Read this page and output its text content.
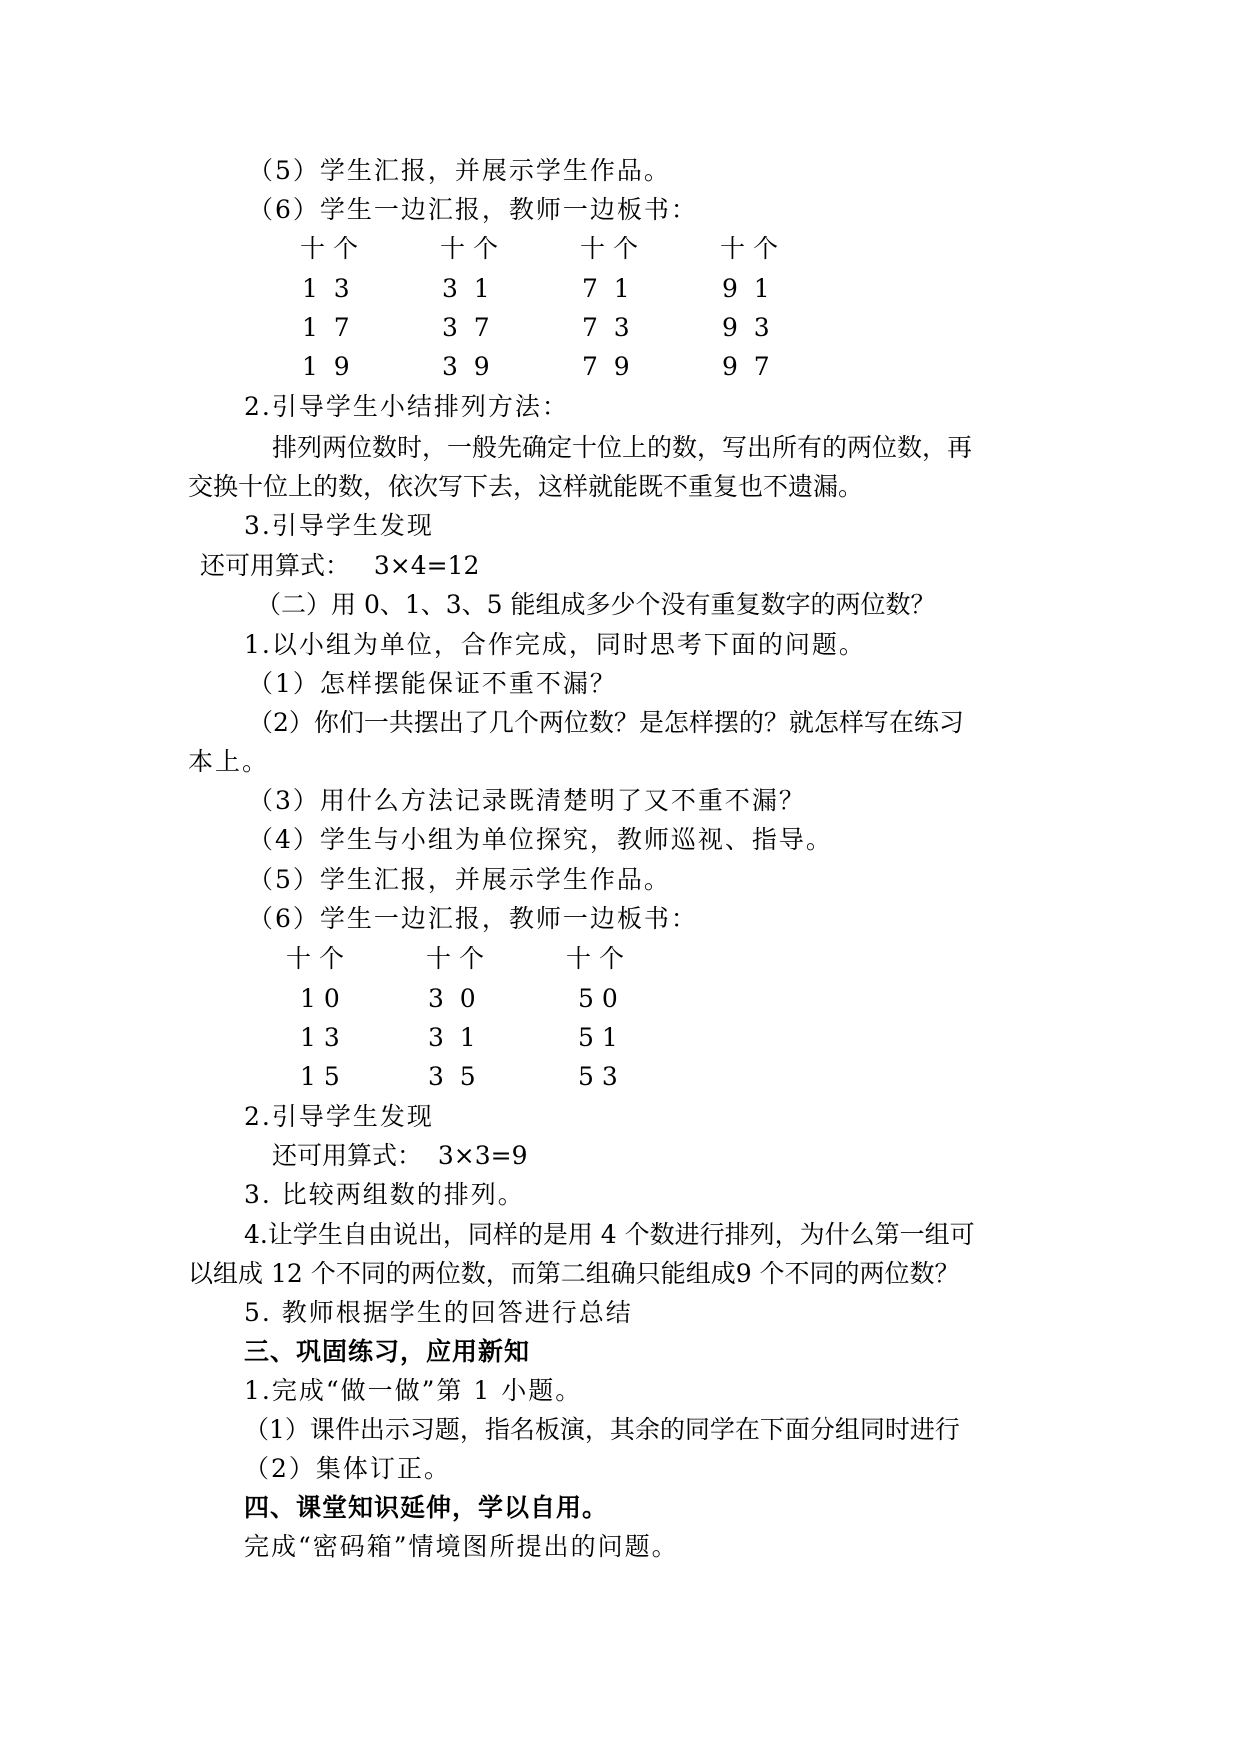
（5）学生汇报，并展示学生作品。
（6）学生一边汇报，教师一边板书：
十 个	十 个	十 个	十 个
1  3	3  1	7  1	9  1
1  7	3  7	7  3	9  3
1  9	3  9	7  9	9  7
2.引导学生小结排列方法：
排列两位数时，一般先确定十位上的数，写出所有的两位数，再
交换十位上的数，依次写下去，这样就能既不重复也不遗漏。
3.引导学生发现
还可用算式：   3×4=12
（二）用 0、1、3、5 能组成多少个没有重复数字的两位数？
1.以小组为单位，合作完成，同时思考下面的问题。
（1）怎样摆能保证不重不漏？
（2）你们一共摆出了几个两位数？是怎样摆的？就怎样写在练习
本上。
（3）用什么方法记录既清楚明了又不重不漏？
（4）学生与小组为单位探究，教师巡视、指导。
（5）学生汇报，并展示学生作品。
（6）学生一边汇报，教师一边板书：
十 个	十 个	十 个
1 0	3  0	5 0
1 3	3  1	5 1
1 5	3  5	5 3
2.引导学生发现
还可用算式：  3×3=9
3. 比较两组数的排列。
4.让学生自由说出，同样的是用 4 个数进行排列，为什么第一组可
以组成 12 个不同的两位数，而第二组确只能组成9 个不同的两位数？
5. 教师根据学生的回答进行总结
三、巩固练习，应用新知
1.完成“做一做”第 1 小题。
（1）课件出示习题，指名板演，其余的同学在下面分组同时进行
（2）集体订正。
四、课堂知识延伸，学以自用。
完成“密码箱”情境图所提出的问题。
